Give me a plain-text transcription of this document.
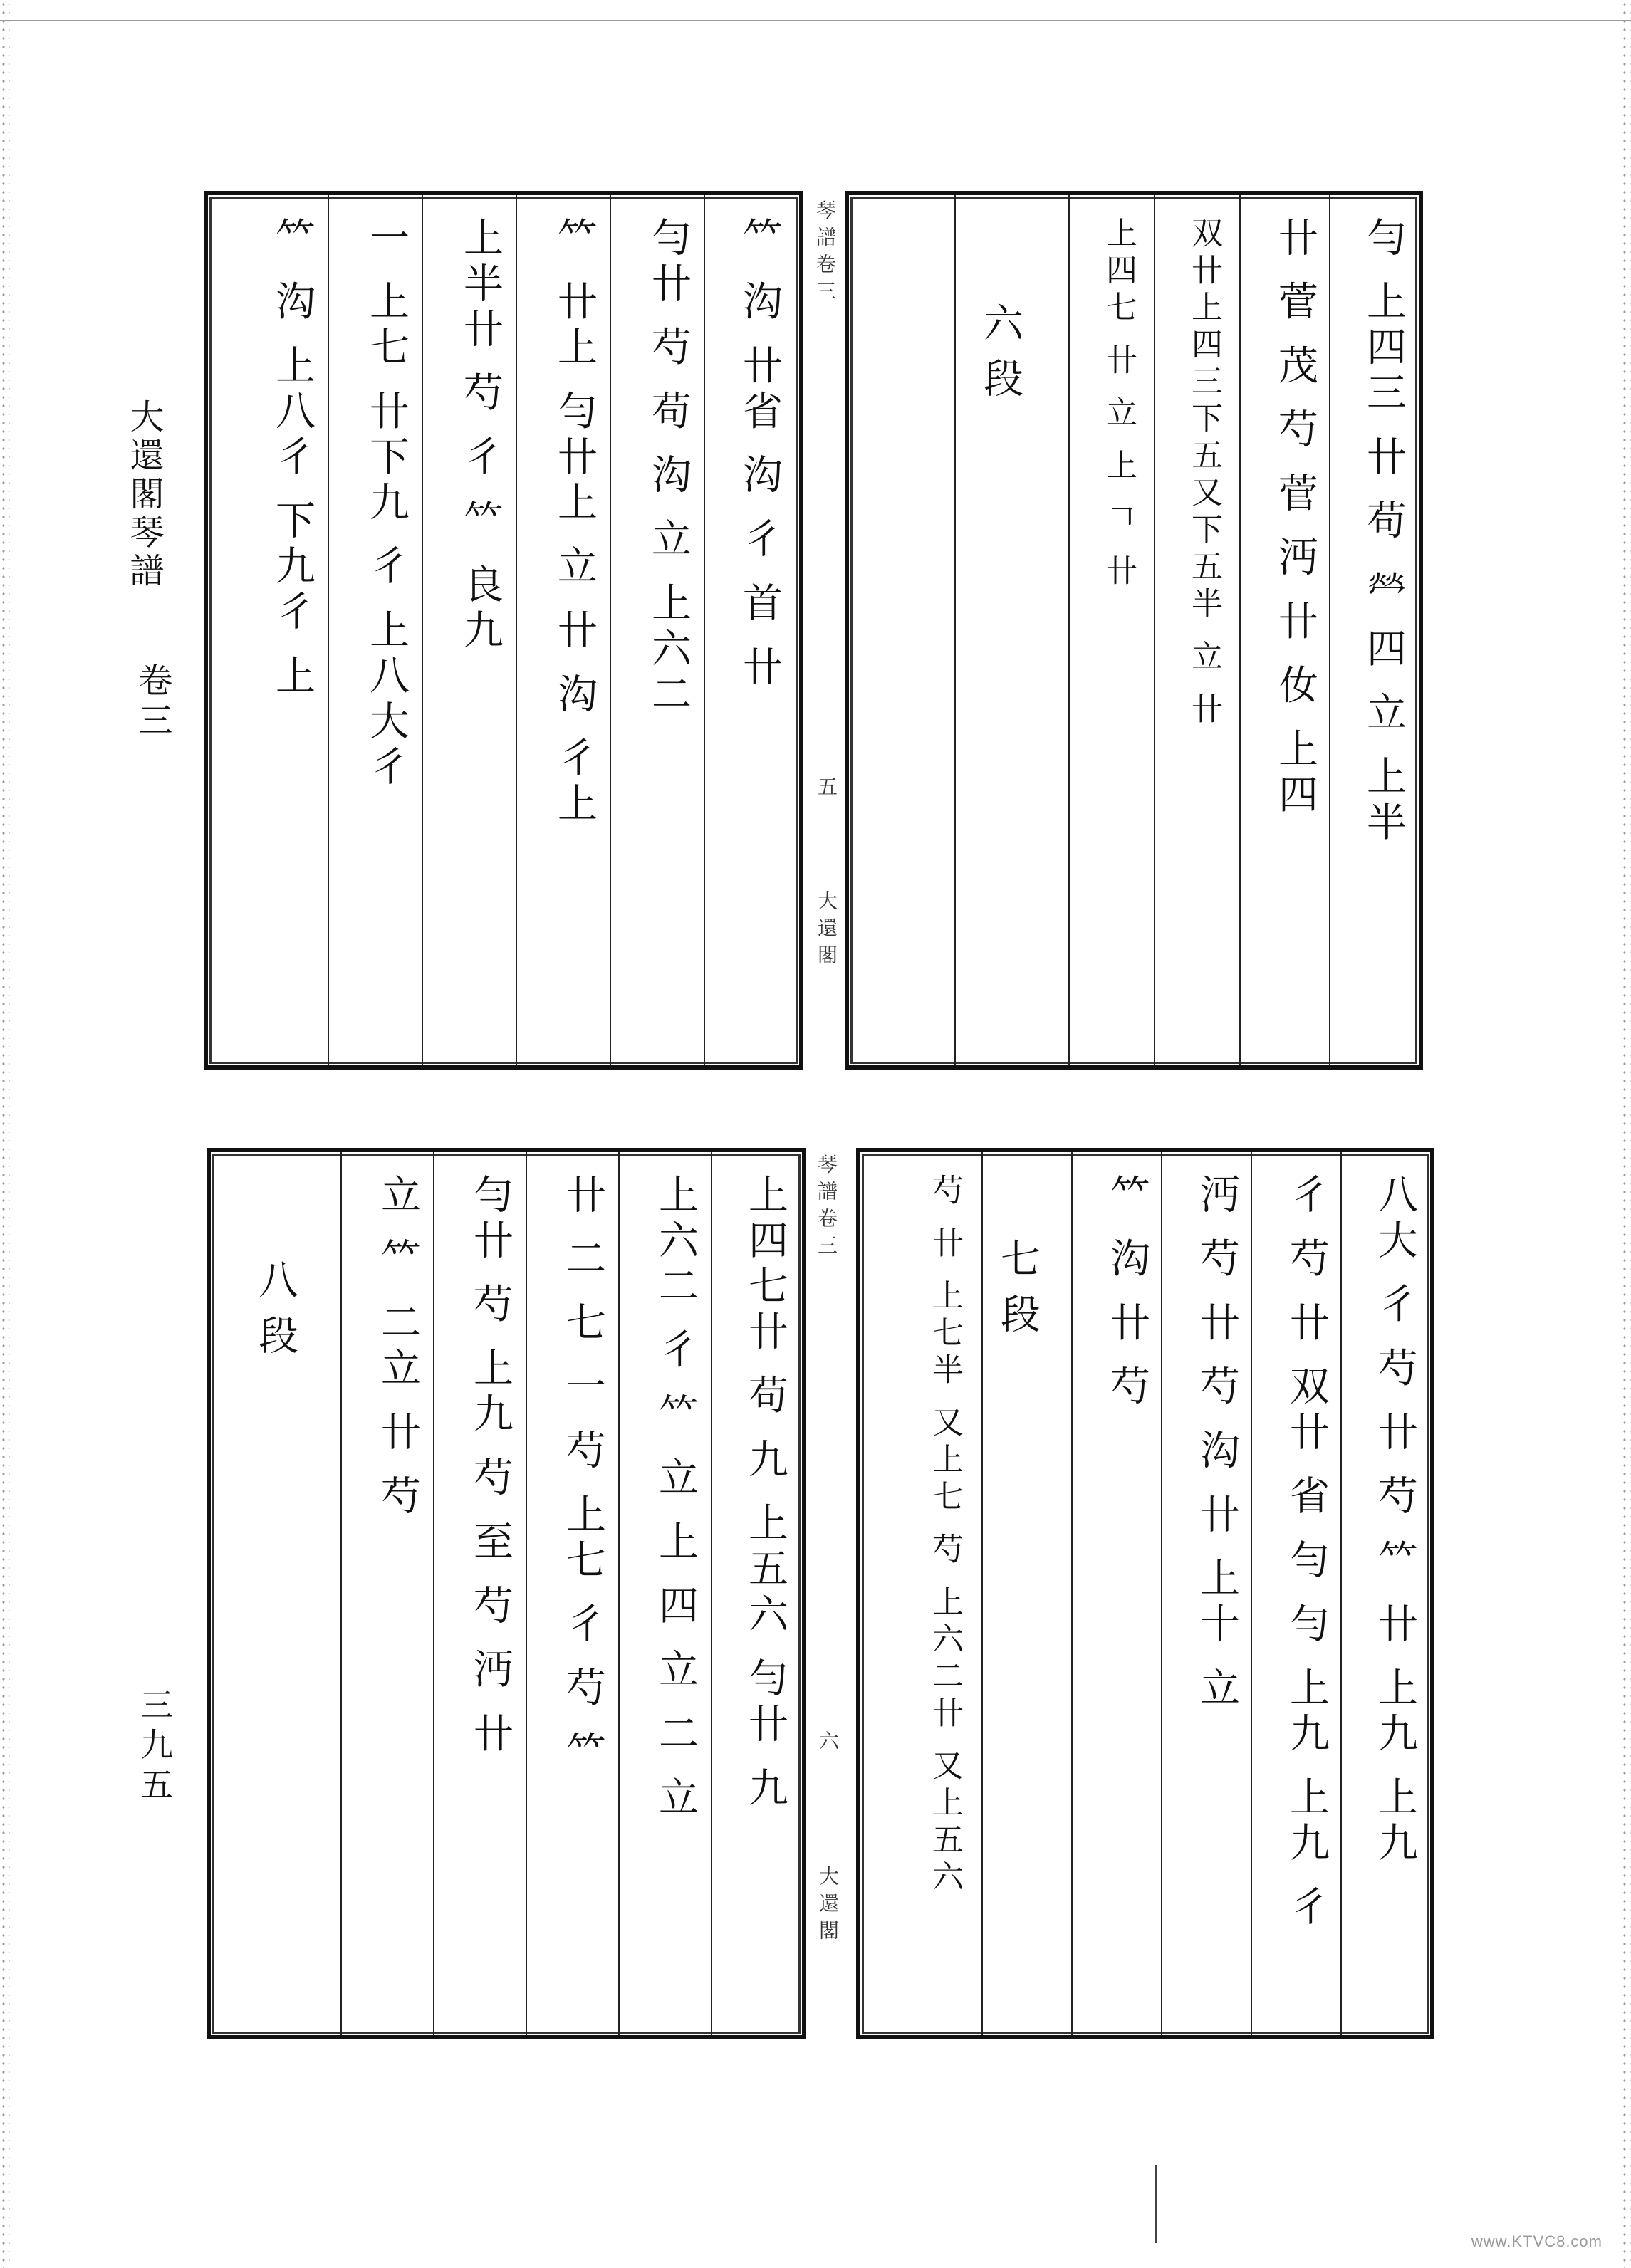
大還閣琴譜
卷三
三九五
𥫗 沟 卄省 沟 彳 首 卄
勻卄 芍 苟 沟 立 上六二
𥫗 卄上 勻卄上 立 卄 沟 彳上
上半卄 芍 彳 𥫗 良九
一 上七 卄下九 彳 上八大彳
𥫗 沟 上八彳 下九彳 上	琴譜卷三
五
大還閣
勻 上四三 卄 苟 𤇾 四 立 上半
卄 菅 茂 芍 菅 沔 卄 㚢 上四
双卄上四三下五又下五半 立 卄
上四七 卄 立 上 𠃍 卄
六段
上四七卄 苟 九 上五六 勻卄 九
上六二 彳 𥫗 立 上 四 立 二 立
卄 二 七 一 芍 上七 彳 芍 𥫗
勻卄 芍 上九 芍 至 芍 沔 卄
立 𥫗 二立 卄 芍
八段
琴譜卷三
六
大還閣
八大 彳 芍 卄 芍 𥫗 卄 上九 上九
彳 芍 卄 双卄 省 勻 勻 上九 上九 彳
沔 芍 卄 芍 沟 卄 上十 立
𥫗 沟 卄 芍
七段
芍 卄 上七半 又上七 芍 上六二卄 又上五六
www.KTVC8.com
